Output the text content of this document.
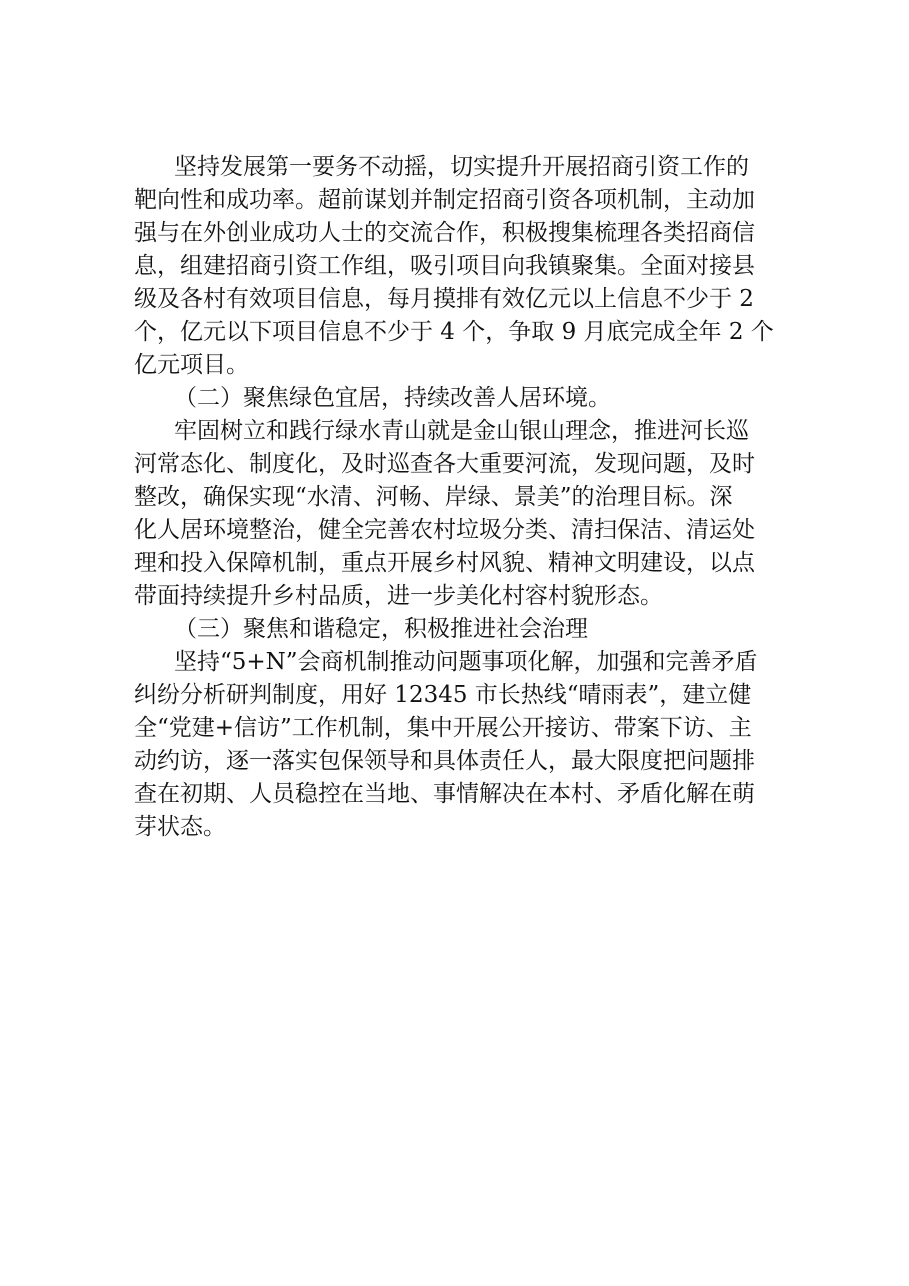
坚持发展第一要务不动摇，切实提升开展招商引资工作的
靶向性和成功率。超前谋划并制定招商引资各项机制，主动加
强与在外创业成功人士的交流合作，积极搜集梳理各类招商信
息，组建招商引资工作组，吸引项目向我镇聚集。全面对接县
级及各村有效项目信息，每月摸排有效亿元以上信息不少于 2
个，亿元以下项目信息不少于 4 个，争取 9 月底完成全年 2 个
亿元项目。
（二）聚焦绿色宜居，持续改善人居环境。
牢固树立和践行绿水青山就是金山银山理念，推进河长巡
河常态化、制度化，及时巡查各大重要河流，发现问题，及时
整改，确保实现“水清、河畅、岸绿、景美”的治理目标。深
化人居环境整治，健全完善农村垃圾分类、清扫保洁、清运处
理和投入保障机制，重点开展乡村风貌、精神文明建设，以点
带面持续提升乡村品质，进一步美化村容村貌形态。
（三）聚焦和谐稳定，积极推进社会治理
坚持“5+N”会商机制推动问题事项化解，加强和完善矛盾
纠纷分析研判制度，用好 12345 市长热线“晴雨表”，建立健
全“党建+信访”工作机制，集中开展公开接访、带案下访、主
动约访，逐一落实包保领导和具体责任人，最大限度把问题排
查在初期、人员稳控在当地、事情解决在本村、矛盾化解在萌
芽状态。
